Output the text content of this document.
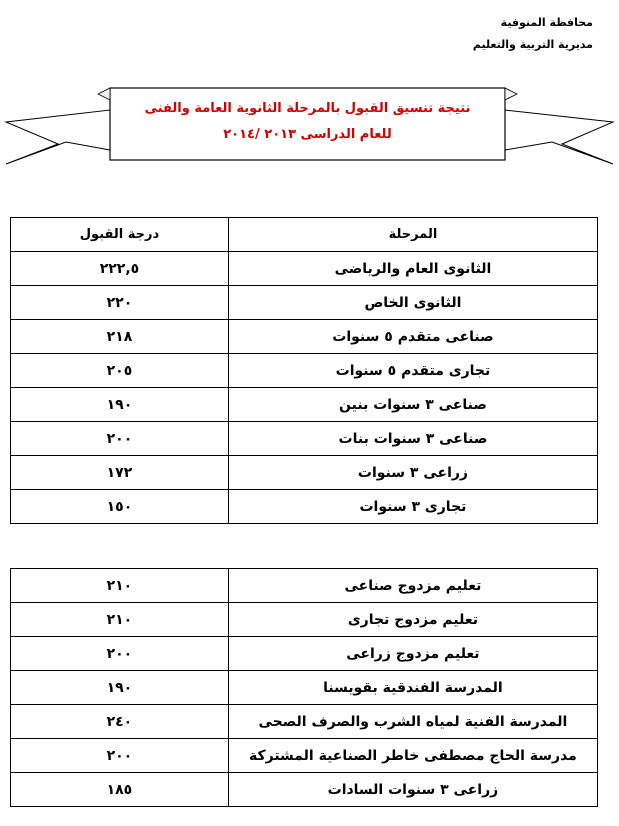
محافظة المنوفية
مديرية التربية والتعليم
نتيجة تنسيق القبول بالمرحلة الثانوية العامة والفنى
للعام الدراسى ٢٠١٣ /٢٠١٤
المرحلة	درجة القبول
الثانوى العام والرياضى	٢٢٢,٥
الثانوى الخاص	٢٢٠
صناعى متقدم ٥ سنوات	٢١٨
تجارى متقدم ٥ سنوات	٢٠٥
صناعى ٣ سنوات بنين	١٩٠
صناعى ٣ سنوات بنات	٢٠٠
زراعى ٣ سنوات	١٧٢
تجارى ٣ سنوات	١٥٠
تعليم مزدوج صناعى	٢١٠
تعليم مزدوج تجارى	٢١٠
تعليم مزدوج زراعى	٢٠٠
المدرسة الفندقية بقويسنا	١٩٠
المدرسة الفنية لمياه الشرب والصرف الصحى	٢٤٠
مدرسة الحاج مصطفى خاطر الصناعية المشتركة	٢٠٠
زراعى ٣ سنوات السادات	١٨٥
